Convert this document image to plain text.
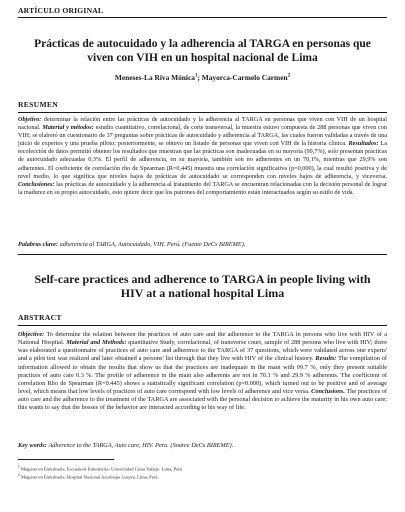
ARTÍCULO ORIGINAL
Prácticas de autocuidado y la adherencia al TARGA en personas que viven con VIH en un hospital nacional de Lima
Meneses-La Riva Mónica$^1$; Mayorca-Carmelo Carmen$^2$
RESUMEN
Objetivo: determinar la relación entre las prácticas de autocuidado y la adherencia al TARGA en personas que viven con VIH de un hospital nacional. Material y métodos: estudio cuantitativo, correlacional, de corte transversal, la muestra estuvo compuesta de 288 personas que viven con VIH; se elaboró un cuestionario de 37 preguntas sobre prácticas de autocuidado y adherencia al TARGA, las cuales fueron validadas a través de una juicio de expertos y una prueba piloto; posteriormente, se obtuvo un listado de personas que viven con VIH de la historia clínica. Resultados: La recolección de datos permitió obtener los resultados que muestran que las prácticas son inadecuadas en su mayoría (99,7%), solo presentan prácticas de autocuidado adecuadas 0,3%. El perfil de adherencia, en su mayoría, también son no adherentes en un 70,1%, mientras que 29,9% son adherentes. El coeficiente de correlación rho de Spearman (R=0,445) muestra una correlación significativa (p=0,000), la cual resultó positiva y de nivel medio, lo que significa que niveles bajos de prácticas de autocuidado se corresponden con niveles bajos de adherencia, y viceversa. Conclusiones: las prácticas de autocuidado y la adherencia al tratamiento del TARGA se encuentran relacionadas con la decisión personal de lograr la madurez en su propio autocuidado, esto quiere decir que los patrones del comportamiento están interactuados según su estilo de vida.
Palabras clave: adherencia al TARGA, Autocuidado, VIH. Perú. (Fuente DeCs BIREME).
Self-care practices and adherence to TARGA in people living with HIV at a national hospital Lima
ABSTRACT
Objective: To determine the relation between the practices of auto care and the adherence to the TARGA in persons who live with HIV of a National Hospital. Material and Methods: quantitative Study, correlacional, of transverse court, sample of 288 persons who live with HIV; there was elaborated a questionnaire of practices of auto care and adherence to the TARGA of 37 questions, which were validated across one experts' and a pilot test was realized and later obtained a persons' list through that they live with HIV of the clinical history. Results: The compilation of information allowed to obtain the results that show us that the practices are inadequate in the main with 99.7 %, only they present suitable practices of auto care 0.3 %. The profile of adherence in the main also adherents are not in 70.1 % and 29.9 % adherents. The coefficient of correlation Rho de Spearman (R=0.445) shows a statistically significant correlation (p=0.000), which turned out to be positive and of average level, which means that low levels of practices of auto care correspond with low levels of adherence and vice versa. Conclusions. The practices of auto care and the adherence to the treatment of the TARGA are associated with the personal decision to achieve the maturity in his own auto care; this wants to say that the bosses of the behavior are interacted according to his way of life.
Key words: Adherence to the TARGA, Auto care, HIV. Peru. (Source DeCs BIREME).
$^1$ Magister en Enfermería. Escuela de Enfermería- Universidad César Vallejo. Lima, Perú
$^2$ Magister en Enfermería. Hospital Nacional Arzobispo Loayza. Lima, Perú.
